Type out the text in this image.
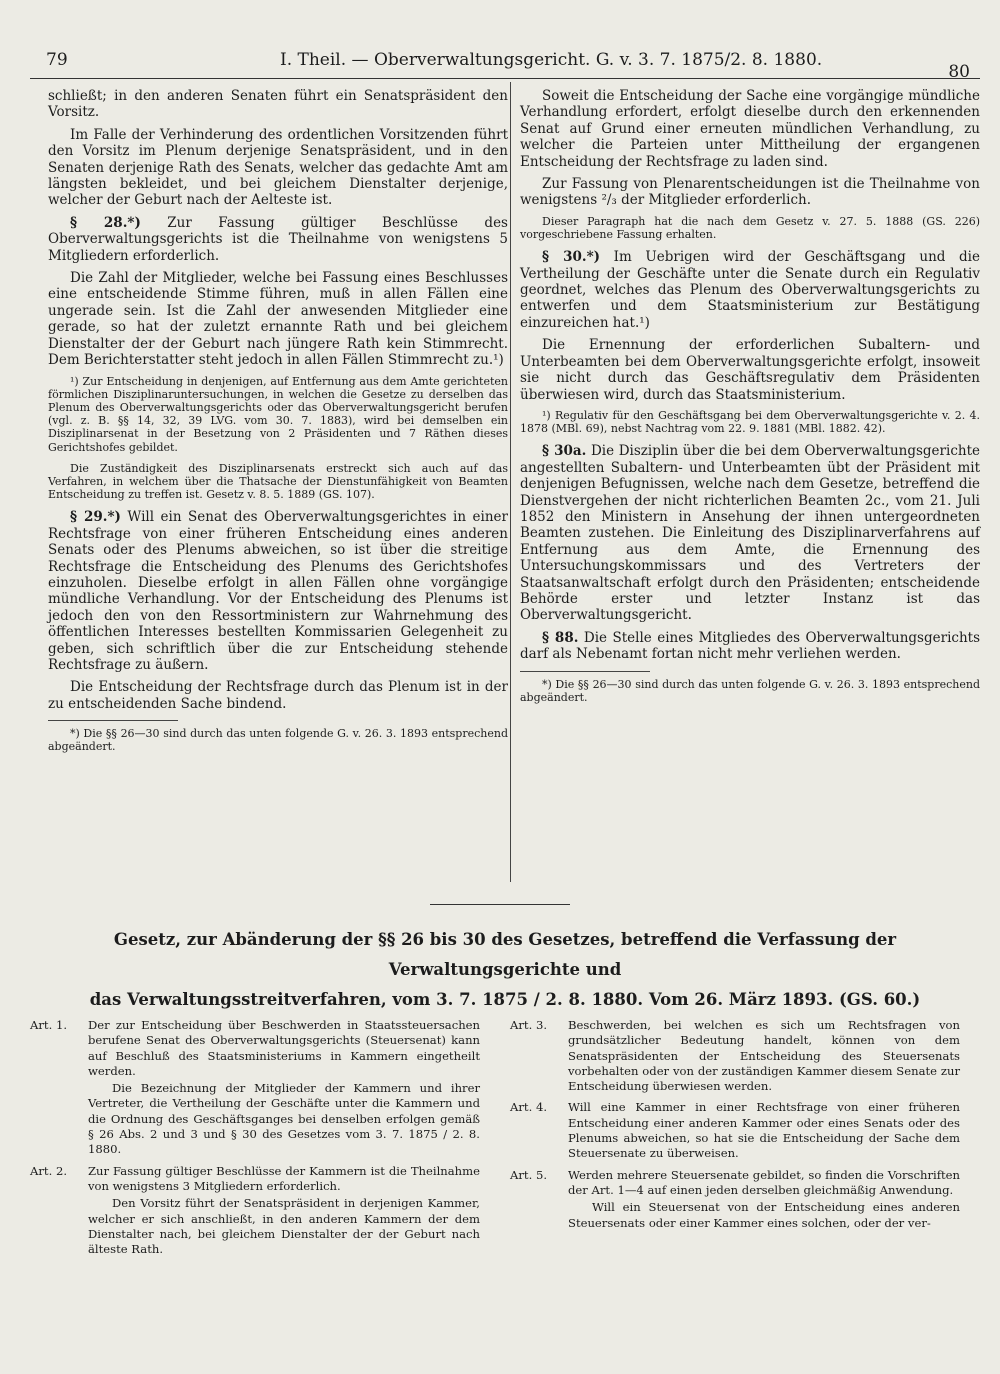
79	I. Theil. — Oberverwaltungsgericht. G. v. 3. 7. 1875/2. 8. 1880.
80

schließt; in den anderen Senaten führt ein Senatspräsident den Vorsitz.

Im Falle der Verhinderung des ordentlichen Vorsitzenden führt den Vorsitz im Plenum derjenige Senatspräsident, und in den Senaten derjenige Rath des Senats, welcher das gedachte Amt am längsten bekleidet, und bei gleichem Dienstalter derjenige, welcher der Geburt nach der Aelteste ist.

§ 28.*) Zur Fassung gültiger Beschlüsse des Oberverwaltungsgerichts ist die Theilnahme von wenigstens 5 Mitgliedern erforderlich.

Die Zahl der Mitglieder, welche bei Fassung eines Beschlusses eine entscheidende Stimme führen, muß in allen Fällen eine ungerade sein. Ist die Zahl der anwesenden Mitglieder eine gerade, so hat der zuletzt ernannte Rath und bei gleichem Dienstalter der der Geburt nach jüngere Rath kein Stimmrecht. Dem Berichterstatter steht jedoch in allen Fällen Stimmrecht zu.¹)

¹) Zur Entscheidung in denjenigen, auf Entfernung aus dem Amte gerichteten förmlichen Disziplinaruntersuchungen, in welchen die Gesetze zu derselben das Plenum des Oberverwaltungsgerichts oder das Oberverwaltungsgericht berufen (vgl. z. B. §§ 14, 32, 39 LVG. vom 30. 7. 1883), wird bei demselben ein Disziplinarsenat in der Besetzung von 2 Präsidenten und 7 Räthen dieses Gerichtshofes gebildet.

Die Zuständigkeit des Disziplinarsenats erstreckt sich auch auf das Verfahren, in welchem über die Thatsache der Dienstunfähigkeit von Beamten Entscheidung zu treffen ist. Gesetz v. 8. 5. 1889 (GS. 107).

§ 29.*) Will ein Senat des Oberverwaltungsgerichtes in einer Rechtsfrage von einer früheren Entscheidung eines anderen Senats oder des Plenums abweichen, so ist über die streitige Rechtsfrage die Entscheidung des Plenums des Gerichtshofes einzuholen. Dieselbe erfolgt in allen Fällen ohne vorgängige mündliche Verhandlung. Vor der Entscheidung des Plenums ist jedoch den von den Ressortministern zur Wahrnehmung des öffentlichen Interesses bestellten Kommissarien Gelegenheit zu geben, sich schriftlich über die zur Entscheidung stehende Rechtsfrage zu äußern.

Die Entscheidung der Rechtsfrage durch das Plenum ist in der zu entscheidenden Sache bindend.

*) Die §§ 26—30 sind durch das unten folgende G. v. 26. 3. 1893 entsprechend abgeändert.

Soweit die Entscheidung der Sache eine vorgängige mündliche Verhandlung erfordert, erfolgt dieselbe durch den erkennenden Senat auf Grund einer erneuten mündlichen Verhandlung, zu welcher die Parteien unter Mittheilung der ergangenen Entscheidung der Rechtsfrage zu laden sind.

Zur Fassung von Plenarentscheidungen ist die Theilnahme von wenigstens ²/₃ der Mitglieder erforderlich.

Dieser Paragraph hat die nach dem Gesetz v. 27. 5. 1888 (GS. 226) vorgeschriebene Fassung erhalten.

§ 30.*) Im Uebrigen wird der Geschäftsgang und die Vertheilung der Geschäfte unter die Senate durch ein Regulativ geordnet, welches das Plenum des Oberverwaltungsgerichts zu entwerfen und dem Staatsministerium zur Bestätigung einzureichen hat.¹)

Die Ernennung der erforderlichen Subaltern- und Unterbeamten bei dem Oberverwaltungsgerichte erfolgt, insoweit sie nicht durch das Geschäftsregulativ dem Präsidenten überwiesen wird, durch das Staatsministerium.

¹) Regulativ für den Geschäftsgang bei dem Oberverwaltungsgerichte v. 2. 4. 1878 (MBl. 69), nebst Nachtrag vom 22. 9. 1881 (MBl. 1882. 42).

§ 30a. Die Disziplin über die bei dem Oberverwaltungsgerichte angestellten Subaltern- und Unterbeamten übt der Präsident mit denjenigen Befugnissen, welche nach dem Gesetze, betreffend die Dienstvergehen der nicht richterlichen Beamten 2c., vom 21. Juli 1852 den Ministern in Ansehung der ihnen untergeordneten Beamten zustehen. Die Einleitung des Disziplinarverfahrens auf Entfernung aus dem Amte, die Ernennung des Untersuchungskommissars und des Vertreters der Staatsanwaltschaft erfolgt durch den Präsidenten; entscheidende Behörde erster und letzter Instanz ist das Oberverwaltungsgericht.

§ 88. Die Stelle eines Mitgliedes des Oberverwaltungsgerichts darf als Nebenamt fortan nicht mehr verliehen werden.

*) Die §§ 26—30 sind durch das unten folgende G. v. 26. 3. 1893 entsprechend abgeändert.

Gesetz, zur Abänderung der §§ 26 bis 30 des Gesetzes, betreffend die Verfassung der Verwaltungsgerichte und
das Verwaltungsstreitverfahren, vom 3. 7. 1875 / 2. 8. 1880. Vom 26. März 1893. (GS. 60.)
Art. 1. Der zur Entscheidung über Beschwerden in Staatssteuersachen berufene Senat des Oberverwaltungsgerichts (Steuersenat) kann auf Beschluß des Staatsministeriums in Kammern eingetheilt werden.
Die Bezeichnung der Mitglieder der Kammern und ihrer Vertreter, die Vertheilung der Geschäfte unter die Kammern und die Ordnung des Geschäftsganges bei denselben erfolgen gemäß § 26 Abs. 2 und 3 und § 30 des Gesetzes vom 3. 7. 1875 / 2. 8. 1880.
Art. 2. Zur Fassung gültiger Beschlüsse der Kammern ist die Theilnahme von wenigstens 3 Mitgliedern erforderlich.
Den Vorsitz führt der Senatspräsident in derjenigen Kammer, welcher er sich anschließt, in den anderen Kammern der dem Dienstalter nach, bei gleichem Dienstalter der der Geburt nach älteste Rath.
Art. 3. Beschwerden, bei welchen es sich um Rechtsfragen von grundsätzlicher Bedeutung handelt, können von dem Senatspräsidenten der Entscheidung des Steuersenats vorbehalten oder von der zuständigen Kammer diesem Senate zur Entscheidung überwiesen werden.
Art. 4. Will eine Kammer in einer Rechtsfrage von einer früheren Entscheidung einer anderen Kammer oder eines Senats oder des Plenums abweichen, so hat sie die Entscheidung der Sache dem Steuersenate zu überweisen.
Art. 5. Werden mehrere Steuersenate gebildet, so finden die Vorschriften der Art. 1—4 auf einen jeden derselben gleichmäßig Anwendung.
Will ein Steuersenat von der Entscheidung eines anderen Steuersenats oder einer Kammer eines solchen, oder der ver-
